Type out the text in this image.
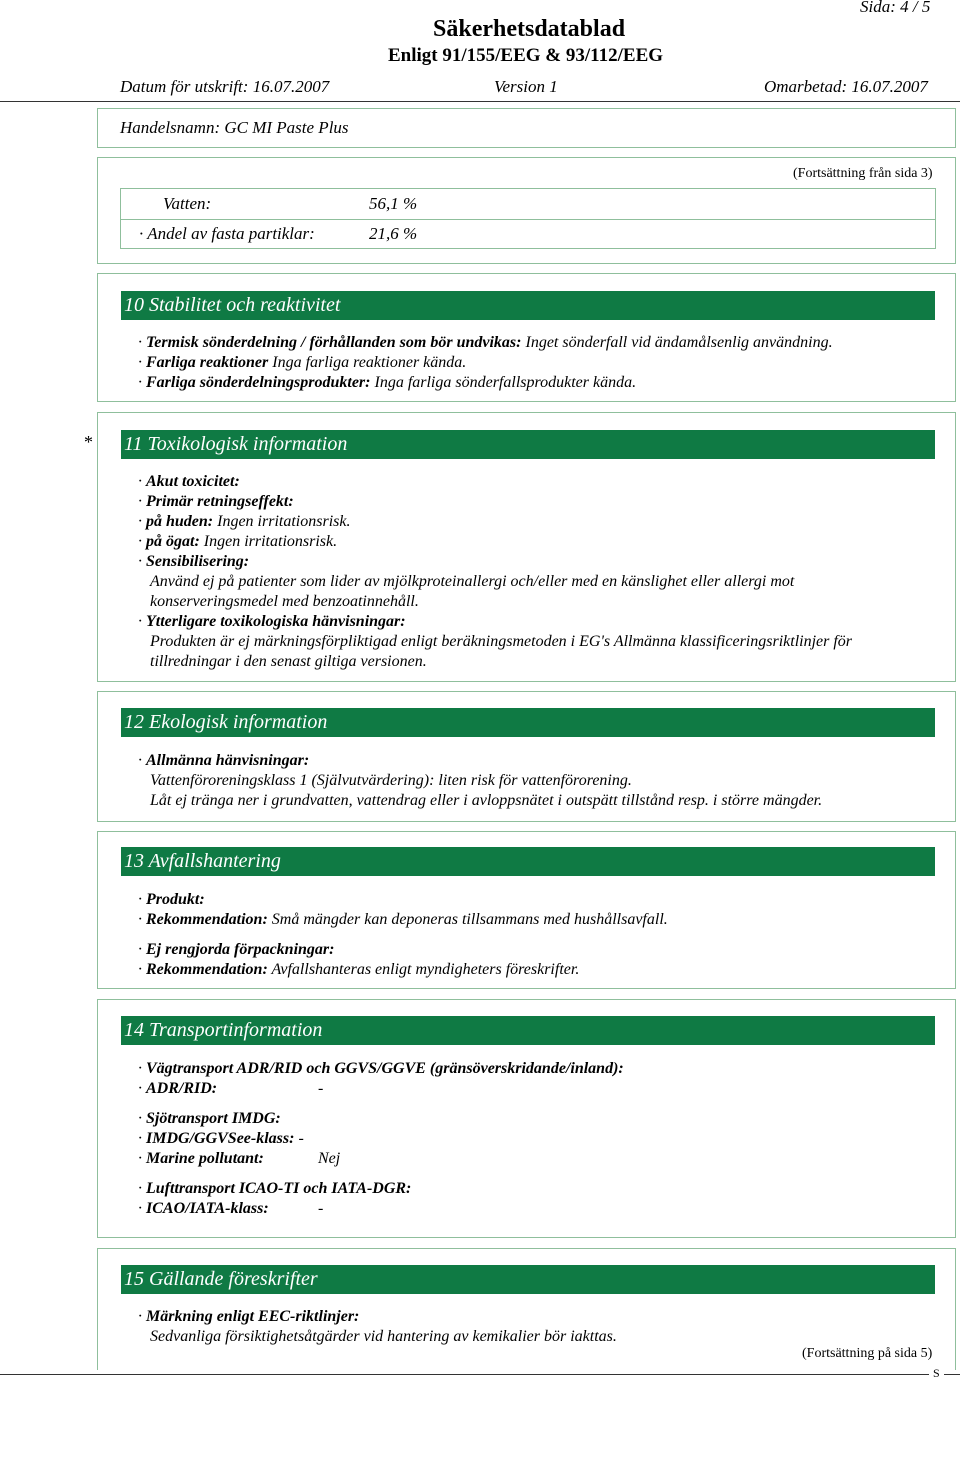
Sida: 4 / 5
Säkerhetsdatablad
Enligt 91/155/EEG & 93/112/EEG
Datum för utskrift: 16.07.2007	Version 1	Omarbetad: 16.07.2007
Handelsnamn: GC MI Paste Plus
(Fortsättning från sida 3)
Vatten:	56,1 %
· Andel av fasta partiklar:	21,6 %
10 Stabilitet och reaktivitet
· Termisk sönderdelning / förhållanden som bör undvikas: Inget sönderfall vid ändamålsenlig användning.
· Farliga reaktioner Inga farliga reaktioner kända.
· Farliga sönderdelningsprodukter: Inga farliga sönderfallsprodukter kända.
* 11 Toxikologisk information
· Akut toxicitet:
· Primär retningseffekt:
· på huden: Ingen irritationsrisk.
· på ögat: Ingen irritationsrisk.
· Sensibilisering:
Använd ej på patienter som lider av mjölkproteinallergi och/eller med en känslighet eller allergi mot
konserveringsmedel med benzoatinnehåll.
· Ytterligare toxikologiska hänvisningar:
Produkten är ej märkningsförpliktigad enligt beräkningsmetoden i EG's Allmänna klassificeringsriktlinjer för
tillredningar i den senast giltiga versionen.
12 Ekologisk information
· Allmänna hänvisningar:
Vattenföroreningsklass 1 (Självutvärdering): liten risk för vattenförorening.
Låt ej tränga ner i grundvatten, vattendrag eller i avloppsnätet i outspätt tillstånd resp. i större mängder.
13 Avfallshantering
· Produkt:
· Rekommendation: Små mängder kan deponeras tillsammans med hushållsavfall.
· Ej rengjorda förpackningar:
· Rekommendation: Avfallshanteras enligt myndigheters föreskrifter.
14 Transportinformation
· Vägtransport ADR/RID och GGVS/GGVE (gränsöverskridande/inland):
· ADR/RID:	-
· Sjötransport IMDG:
· IMDG/GGVSee-klass: -
· Marine pollutant:	Nej
· Lufttransport ICAO-TI och IATA-DGR:
· ICAO/IATA-klass:	-
15 Gällande föreskrifter
· Märkning enligt EEC-riktlinjer:
Sedvanliga försiktighetsåtgärder vid hantering av kemikalier bör iakttas.
(Fortsättning på sida 5)
S
